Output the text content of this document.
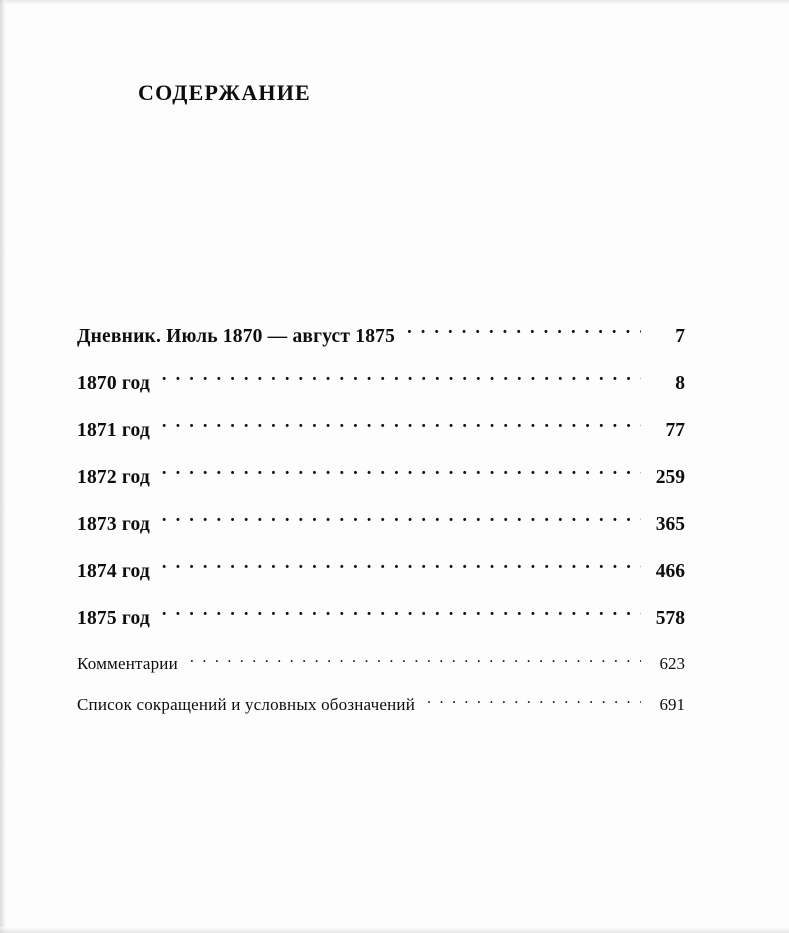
СОДЕРЖАНИЕ
Дневник. Июль 1870 — август 1875 . . .	7
1870 год . . .	8
1871 год . . .	77
1872 год . . .	259
1873 год . . .	365
1874 год . . .	466
1875 год . . .	578
Комментарии . . .	623
Список сокращений и условных обозначений . . .	691
